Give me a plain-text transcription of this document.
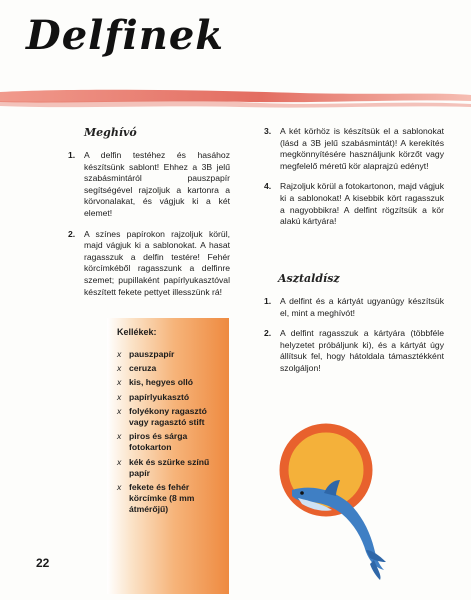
Delfinek
Meghívó
1. A delfin testéhez és hasához készítsünk sablont! Ehhez a 3B jelű szabásmintáról pauszpapír segítségével rajzoljuk a kartonra a körvonalakat, és vágjuk ki a két elemet!
2. A színes papírokon rajzoljuk körül, majd vágjuk ki a sablonokat. A hasat ragasszuk a delfin testére! Fehér körcímkéből ragasszunk a delfinre szemet; pupillaként papírlyukasztóval készített fekete pettyet illesszünk rá!
3. A két körhöz is készítsük el a sablonokat (lásd a 3B jelű szabásmintát)! A kerekítés megkönnyítésére használjunk körzőt vagy megfelelő méretű kör alaprajzú edényt!
4. Rajzoljuk körül a fotokartonon, majd vágjuk ki a sablonokat! A kisebbik kört ragasszuk a nagyobbikra! A delfint rögzítsük a kör alakú kártyára!
Asztaldísz
1. A delfint és a kártyát ugyanúgy készítsük el, mint a meghívót!
2. A delfint ragasszuk a kártyára (többféle helyzetet próbáljunk ki), és a kártyát úgy állítsuk fel, hogy hátoldala támasztékként szolgáljon!
Kellékek:
x pauszpapír
x ceruza
x kis, hegyes olló
x papírlyukasztó
x folyékony ragasztó vagy ragasztó stift
x piros és sárga fotokarton
x kék és szürke színű papír
x fekete és fehér körcímke (8 mm átmérőjű)
22
